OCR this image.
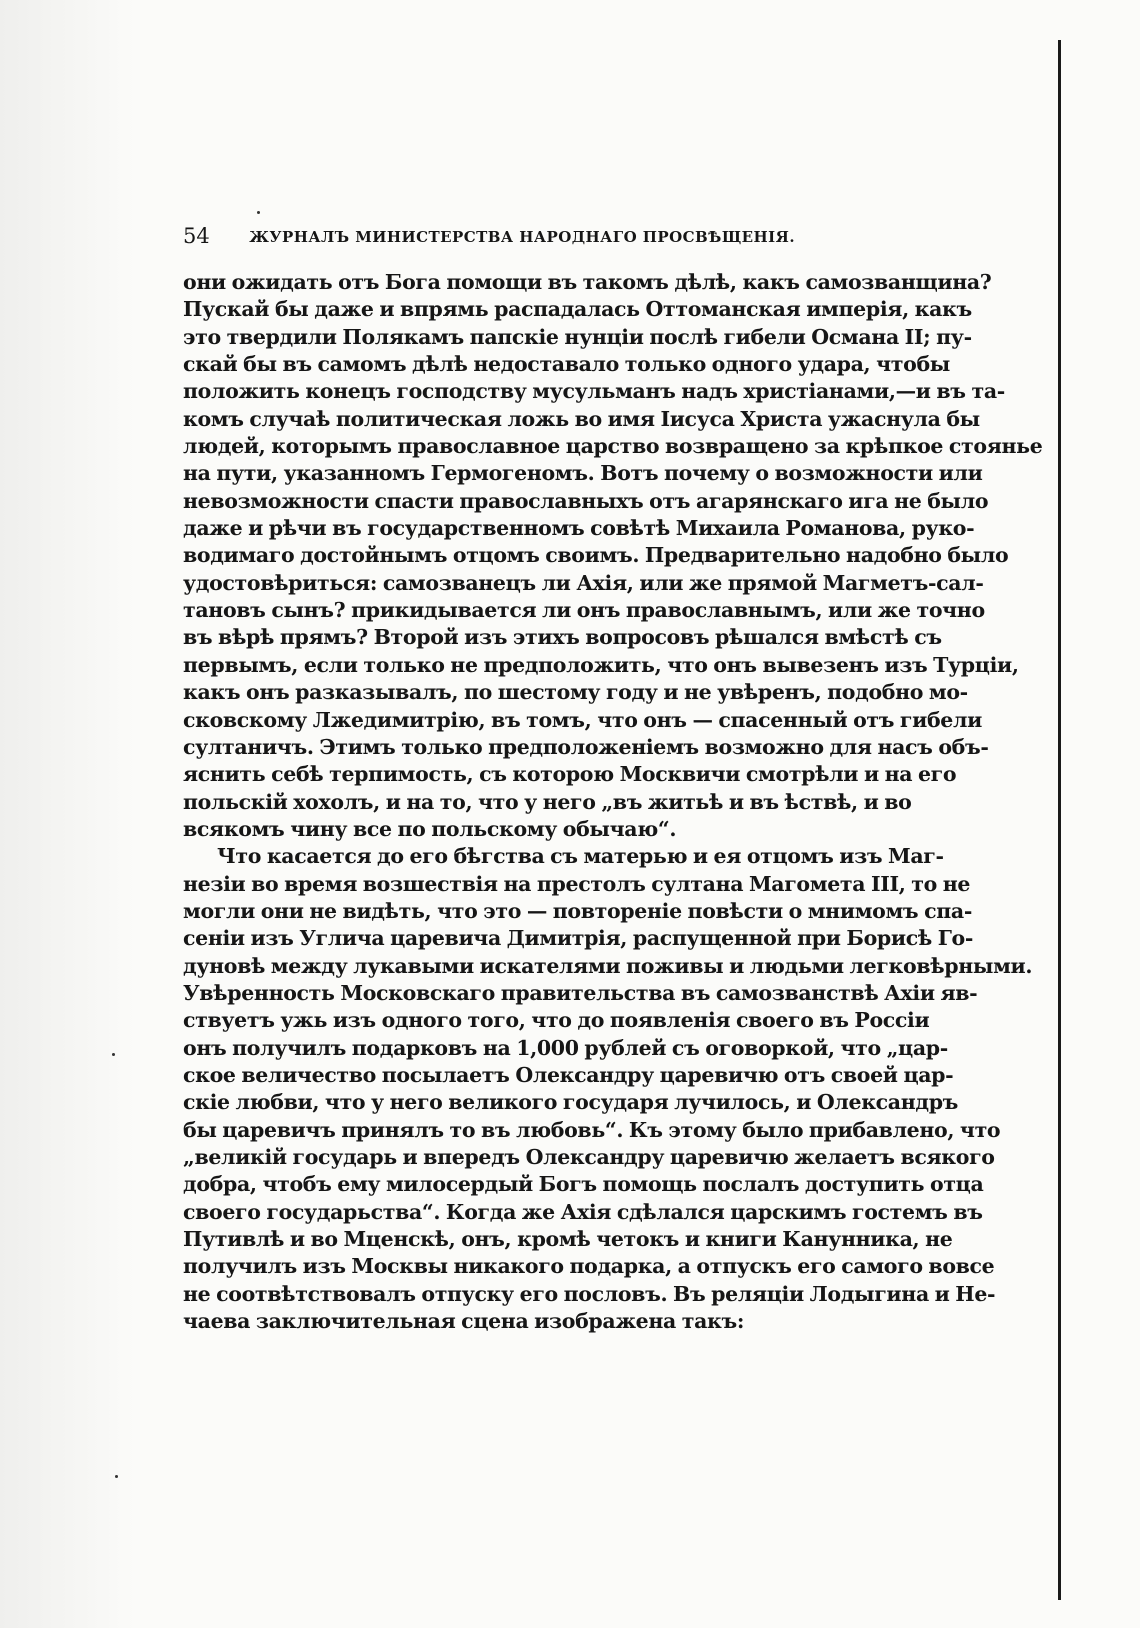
54	ЖУРНАЛЪ МИНИСТЕРСТВА НАРОДНАГО ПРОСВѢЩЕНІЯ.
они ожидать отъ Бога помощи въ такомъ дѣлѣ, какъ самозванщина?
Пускай бы даже и впрямь распадалась Оттоманская имперія, какъ
это твердили Полякамъ папскіе нунціи послѣ гибели Османа II; пу-
скай бы въ самомъ дѣлѣ недоставало только одного удара, чтобы
положить конецъ господству мусульманъ надъ христіанами,—и въ та-
комъ случаѣ политическая ложь во имя Іисуса Христа ужаснула бы
людей, которымъ православное царство возвращено за крѣпкое стоянье
на пути, указанномъ Гермогеномъ. Вотъ почему о возможности или
невозможности спасти православныхъ отъ агарянскаго ига не было
даже и рѣчи въ государственномъ совѣтѣ Михаила Романова, руко-
водимаго достойнымъ отцомъ своимъ. Предварительно надобно было
удостовѣриться: самозванецъ ли Ахія, или же прямой Магметъ-сал-
тановъ сынъ? прикидывается ли онъ православнымъ, или же точно
въ вѣрѣ прямъ? Второй изъ этихъ вопросовъ рѣшался вмѣстѣ съ
первымъ, если только не предположить, что онъ вывезенъ изъ Турціи,
какъ онъ разказывалъ, по шестому году и не увѣренъ, подобно мо-
сковскому Лжедимитрію, въ томъ, что онъ — спасенный отъ гибели
султаничъ. Этимъ только предположеніемъ возможно для насъ объ-
яснить себѣ терпимость, съ которою Москвичи смотрѣли и на его
польскій хохолъ, и на то, что у него „въ житьѣ и въ ѣствѣ, и во
всякомъ чину все по польскому обычаю“.
Что касается до его бѣгства съ матерью и ея отцомъ изъ Маг-
незіи во время возшествія на престолъ султана Магомета III, то не
могли они не видѣть, что это — повтореніе повѣсти о мнимомъ спа-
сеніи изъ Углича царевича Димитрія, распущенной при Борисѣ Го-
дуновѣ между лукавыми искателями поживы и людьми легковѣрными.
Увѣренность Московскаго правительства въ самозванствѣ Ахіи яв-
ствуетъ ужь изъ одного того, что до появленія своего въ Россіи
онъ получилъ подарковъ на 1,000 рублей съ оговоркой, что „цар-
ское величество посылаетъ Олександру царевичю отъ своей цар-
скіе любви, что у него великого государя лучилось, и Олександръ
бы царевичъ принялъ то въ любовь“. Къ этому было прибавлено, что
„великій государь и впередъ Олександру царевичю желаетъ всякого
добра, чтобъ ему милосердый Богъ помощь послалъ доступить отца
своего государьства“. Когда же Ахія сдѣлался царскимъ гостемъ въ
Путивлѣ и во Мценскѣ, онъ, кромѣ четокъ и книги Канунника, не
получилъ изъ Москвы никакого подарка, а отпускъ его самого вовсе
не соотвѣтствовалъ отпуску его пословъ. Въ реляціи Лодыгина и Не-
чаева заключительная сцена изображена такъ:
